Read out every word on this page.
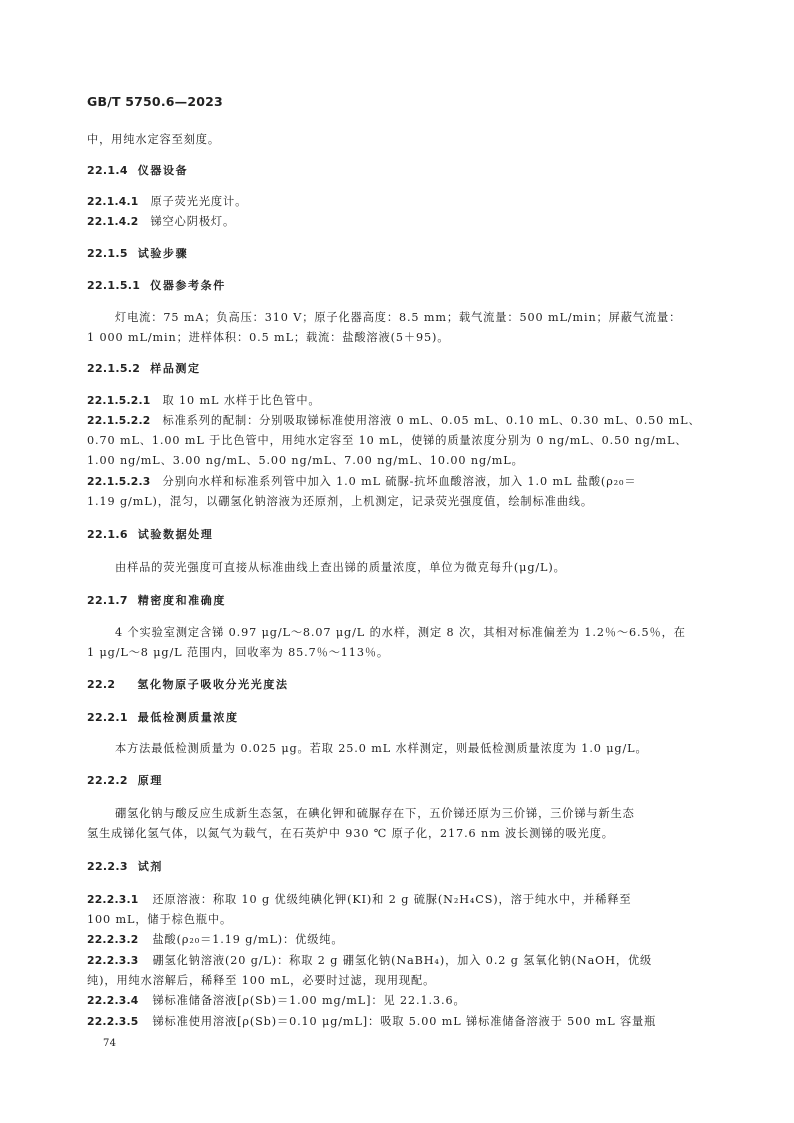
GB/T 5750.6—2023
中，用纯水定容至刻度。
22.1.4 仪器设备
22.1.4.1 原子荧光光度计。
22.1.4.2 锑空心阴极灯。
22.1.5 试验步骤
22.1.5.1 仪器参考条件
灯电流：75 mA；负高压：310 V；原子化器高度：8.5 mm；载气流量：500 mL/min；屏蔽气流量：
1 000 mL/min；进样体积：0.5 mL；载流：盐酸溶液(5＋95)。
22.1.5.2 样品测定
22.1.5.2.1 取 10 mL 水样于比色管中。
22.1.5.2.2 标准系列的配制：分别吸取锑标准使用溶液 0 mL、0.05 mL、0.10 mL、0.30 mL、0.50 mL、
0.70 mL、1.00 mL 于比色管中，用纯水定容至 10 mL，使锑的质量浓度分别为 0 ng/mL、0.50 ng/mL、
1.00 ng/mL、3.00 ng/mL、5.00 ng/mL、7.00 ng/mL、10.00 ng/mL。
22.1.5.2.3 分别向水样和标准系列管中加入 1.0 mL 硫脲-抗坏血酸溶液，加入 1.0 mL 盐酸(ρ₂₀＝
1.19 g/mL)，混匀，以硼氢化钠溶液为还原剂，上机测定，记录荧光强度值，绘制标准曲线。
22.1.6 试验数据处理
由样品的荧光强度可直接从标准曲线上查出锑的质量浓度，单位为微克每升(μg/L)。
22.1.7 精密度和准确度
4 个实验室测定含锑 0.97 μg/L～8.07 μg/L 的水样，测定 8 次，其相对标准偏差为 1.2％～6.5％，在
1 μg/L～8 μg/L 范围内，回收率为 85.7％～113％。
22.2 氢化物原子吸收分光光度法
22.2.1 最低检测质量浓度
本方法最低检测质量为 0.025 μg。若取 25.0 mL 水样测定，则最低检测质量浓度为 1.0 μg/L。
22.2.2 原理
硼氢化钠与酸反应生成新生态氢，在碘化钾和硫脲存在下，五价锑还原为三价锑，三价锑与新生态
氢生成锑化氢气体，以氮气为载气，在石英炉中 930 ℃ 原子化，217.6 nm 波长测锑的吸光度。
22.2.3 试剂
22.2.3.1 还原溶液：称取 10 g 优级纯碘化钾(KI)和 2 g 硫脲(N₂H₄CS)，溶于纯水中，并稀释至
100 mL，储于棕色瓶中。
22.2.3.2 盐酸(ρ₂₀＝1.19 g/mL)：优级纯。
22.2.3.3 硼氢化钠溶液(20 g/L)：称取 2 g 硼氢化钠(NaBH₄)，加入 0.2 g 氢氧化钠(NaOH，优级
纯)，用纯水溶解后，稀释至 100 mL，必要时过滤，现用现配。
22.2.3.4 锑标准储备溶液[ρ(Sb)＝1.00 mg/mL]：见 22.1.3.6。
22.2.3.5 锑标准使用溶液[ρ(Sb)＝0.10 μg/mL]：吸取 5.00 mL 锑标准储备溶液于 500 mL 容量瓶
74
